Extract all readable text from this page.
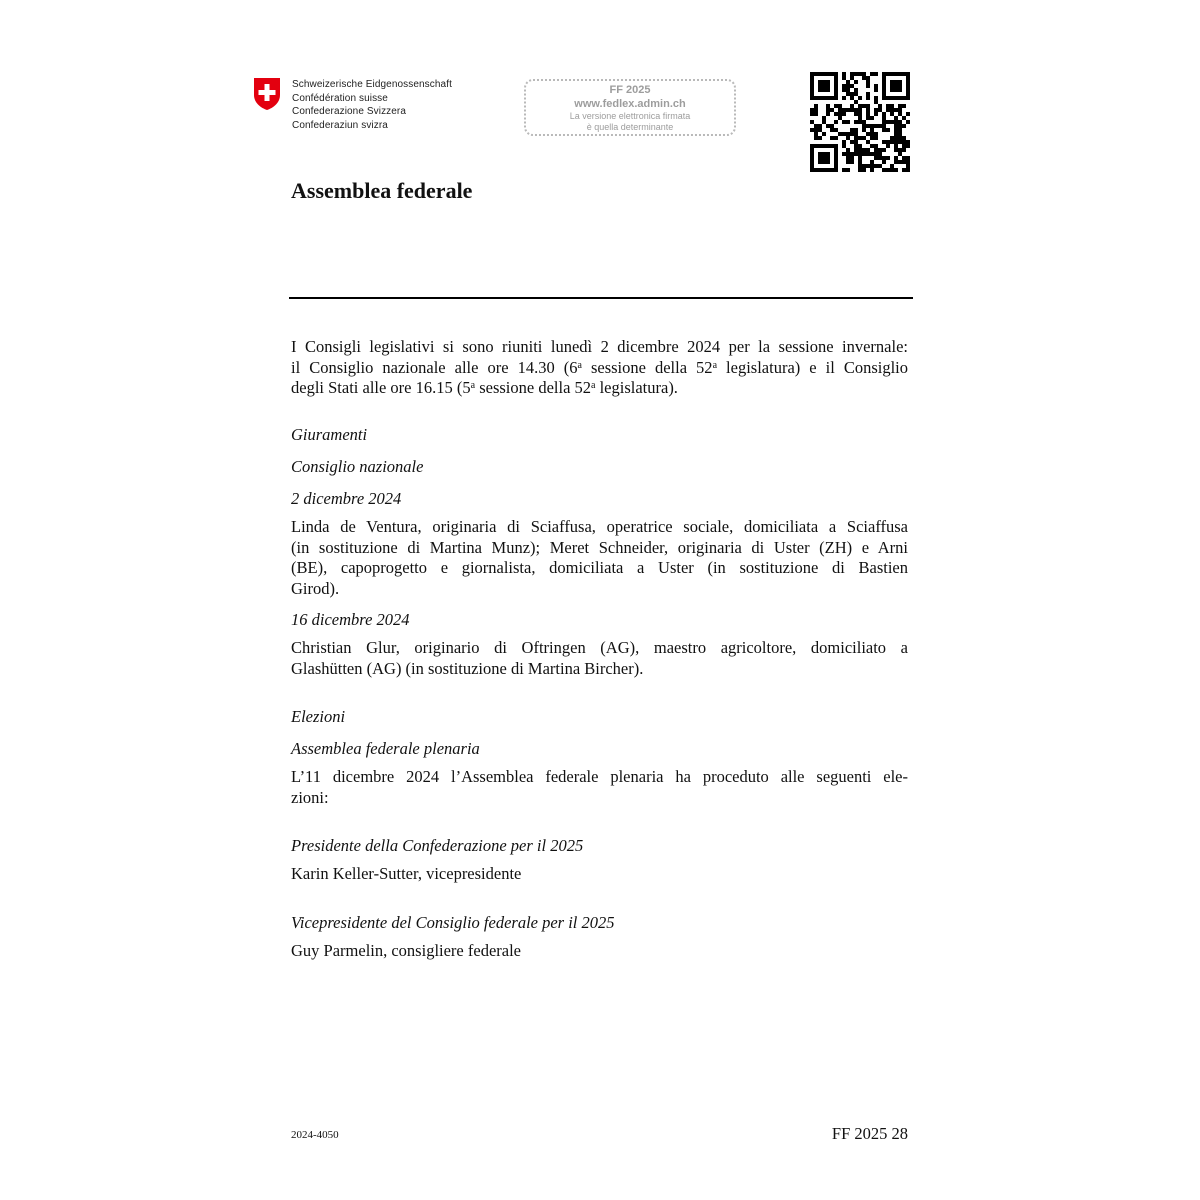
Schweizerische Eidgenossenschaft
Confédération suisse
Confederazione Svizzera
Confederaziun svizra
FF 2025
www.fedlex.admin.ch
La versione elettronica firmata
è quella determinante
Assemblea federale
I Consigli legislativi si sono riuniti lunedì 2 dicembre 2024 per la sessione invernale:
il Consiglio nazionale alle ore 14.30 (6$^a$ sessione della 52$^a$ legislatura) e il Consiglio
degli Stati alle ore 16.15 (5$^a$ sessione della 52$^a$ legislatura).
Giuramenti
Consiglio nazionale
2 dicembre 2024
Linda de Ventura, originaria di Sciaffusa, operatrice sociale, domiciliata a Sciaffusa
(in sostituzione di Martina Munz); Meret Schneider, originaria di Uster (ZH) e Arni
(BE), capoprogetto e giornalista, domiciliata a Uster (in sostituzione di Bastien
Girod).
16 dicembre 2024
Christian Glur, originario di Oftringen (AG), maestro agricoltore, domiciliato a
Glashütten (AG) (in sostituzione di Martina Bircher).
Elezioni
Assemblea federale plenaria
L’11 dicembre 2024 l’Assemblea federale plenaria ha proceduto alle seguenti ele-
zioni:
Presidente della Confederazione per il 2025
Karin Keller-Sutter, vicepresidente
Vicepresidente del Consiglio federale per il 2025
Guy Parmelin, consigliere federale
2024-4050	FF 2025 28
